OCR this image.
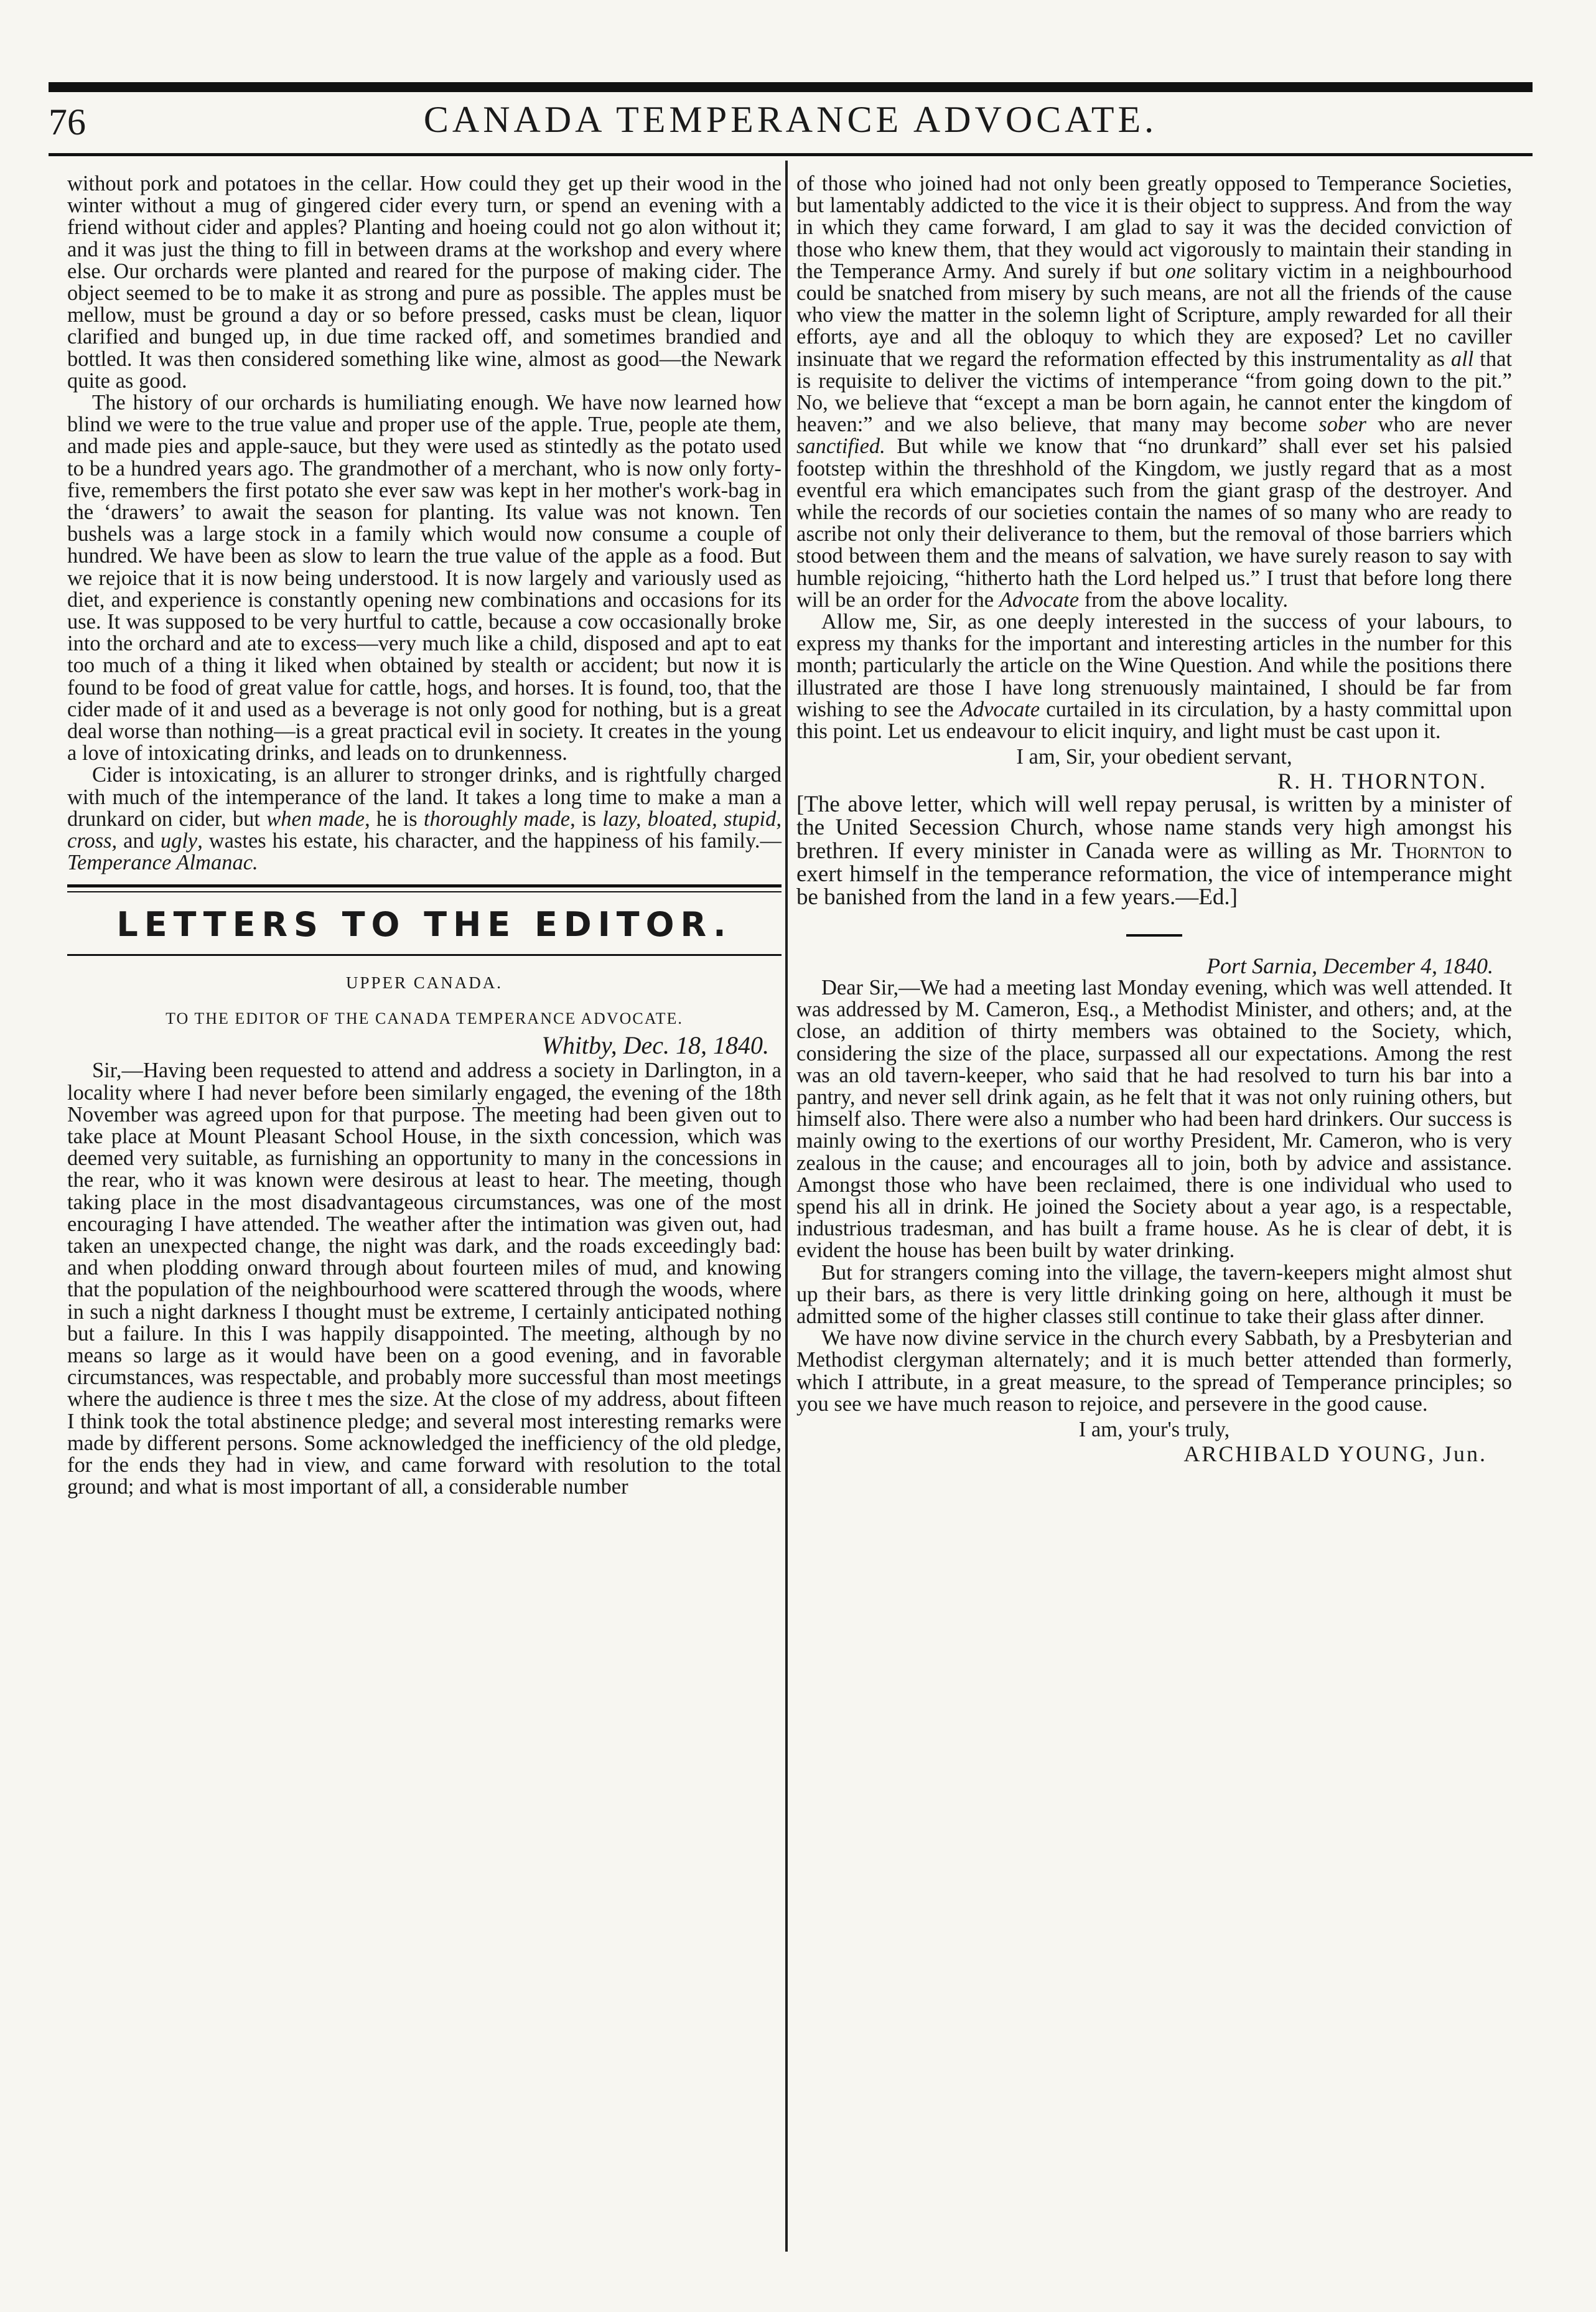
76	CANADA TEMPERANCE ADVOCATE.

without pork and potatoes in the cellar. How could they get up their wood in the winter without a mug of gingered cider every turn, or spend an evening with a friend without cider and apples? Planting and hoeing could not go alon without it; and it was just the thing to fill in between drams at the workshop and every where else. Our orchards were planted and reared for the purpose of making cider. The object seemed to be to make it as strong and pure as possible. The apples must be mellow, must be ground a day or so before pressed, casks must be clean, liquor clarified and bunged up, in due time racked off, and sometimes brandied and bottled. It was then considered something like wine, almost as good—the Newark quite as good.

The history of our orchards is humiliating enough. We have now learned how blind we were to the true value and proper use of the apple. True, people ate them, and made pies and apple-sauce, but they were used as stintedly as the potato used to be a hundred years ago. The grandmother of a merchant, who is now only forty-five, remembers the first potato she ever saw was kept in her mother's work-bag in the ‘drawers’ to await the season for planting. Its value was not known. Ten bushels was a large stock in a family which would now consume a couple of hundred. We have been as slow to learn the true value of the apple as a food. But we rejoice that it is now being understood. It is now largely and variously used as diet, and experience is constantly opening new combinations and occasions for its use. It was supposed to be very hurtful to cattle, because a cow occasionally broke into the orchard and ate to excess—very much like a child, disposed and apt to eat too much of a thing it liked when obtained by stealth or accident; but now it is found to be food of great value for cattle, hogs, and horses. It is found, too, that the cider made of it and used as a beverage is not only good for nothing, but is a great deal worse than nothing—is a great practical evil in society. It creates in the young a love of intoxicating drinks, and leads on to drunkenness.

Cider is intoxicating, is an allurer to stronger drinks, and is rightfully charged with much of the intemperance of the land. It takes a long time to make a man a drunkard on cider, but when made, he is thoroughly made, is lazy, bloated, stupid, cross, and ugly, wastes his estate, his character, and the happiness of his family.—Temperance Almanac.

LETTERS TO THE EDITOR.
UPPER CANADA.
TO THE EDITOR OF THE CANADA TEMPERANCE ADVOCATE.
Whitby, Dec. 18, 1840.

Sir,—Having been requested to attend and address a society in Darlington, in a locality where I had never before been similarly engaged, the evening of the 18th November was agreed upon for that purpose. The meeting had been given out to take place at Mount Pleasant School House, in the sixth concession, which was deemed very suitable, as furnishing an opportunity to many in the concessions in the rear, who it was known were desirous at least to hear. The meeting, though taking place in the most disadvantageous circumstances, was one of the most encouraging I have attended. The weather after the intimation was given out, had taken an unexpected change, the night was dark, and the roads exceedingly bad: and when plodding onward through about fourteen miles of mud, and knowing that the population of the neighbourhood were scattered through the woods, where in such a night darkness I thought must be extreme, I certainly anticipated nothing but a failure. In this I was happily disappointed. The meeting, although by no means so large as it would have been on a good evening, and in favorable circumstances, was respectable, and probably more successful than most meetings where the audience is three t mes the size. At the close of my address, about fifteen I think took the total abstinence pledge; and several most interesting remarks were made by different persons. Some acknowledged the inefficiency of the old pledge, for the ends they had in view, and came forward with resolution to the total ground; and what is most important of all, a considerable number

of those who joined had not only been greatly opposed to Temperance Societies, but lamentably addicted to the vice it is their object to suppress. And from the way in which they came forward, I am glad to say it was the decided conviction of those who knew them, that they would act vigorously to maintain their standing in the Temperance Army. And surely if but one solitary victim in a neighbourhood could be snatched from misery by such means, are not all the friends of the cause who view the matter in the solemn light of Scripture, amply rewarded for all their efforts, aye and all the obloquy to which they are exposed? Let no caviller insinuate that we regard the reformation effected by this instrumentality as all that is requisite to deliver the victims of intemperance “from going down to the pit.” No, we believe that “except a man be born again, he cannot enter the kingdom of heaven:” and we also believe, that many may become sober who are never sanctified. But while we know that “no drunkard” shall ever set his palsied footstep within the threshhold of the Kingdom, we justly regard that as a most eventful era which emancipates such from the giant grasp of the destroyer. And while the records of our societies contain the names of so many who are ready to ascribe not only their deliverance to them, but the removal of those barriers which stood between them and the means of salvation, we have surely reason to say with humble rejoicing, “hitherto hath the Lord helped us.” I trust that before long there will be an order for the Advocate from the above locality.

Allow me, Sir, as one deeply interested in the success of your labours, to express my thanks for the important and interesting articles in the number for this month; particularly the article on the Wine Question. And while the positions there illustrated are those I have long strenuously maintained, I should be far from wishing to see the Advocate curtailed in its circulation, by a hasty committal upon this point. Let us endeavour to elicit inquiry, and light must be cast upon it.

I am, Sir, your obedient servant,
R. H. THORNTON.

[The above letter, which will well repay perusal, is written by a minister of the United Secession Church, whose name stands very high amongst his brethren. If every minister in Canada were as willing as Mr. Thornton to exert himself in the temperance reformation, the vice of intemperance might be banished from the land in a few years.—Ed.]

Port Sarnia, December 4, 1840.

Dear Sir,—We had a meeting last Monday evening, which was well attended. It was addressed by M. Cameron, Esq., a Methodist Minister, and others; and, at the close, an addition of thirty members was obtained to the Society, which, considering the size of the place, surpassed all our expectations. Among the rest was an old tavern-keeper, who said that he had resolved to turn his bar into a pantry, and never sell drink again, as he felt that it was not only ruining others, but himself also. There were also a number who had been hard drinkers. Our success is mainly owing to the exertions of our worthy President, Mr. Cameron, who is very zealous in the cause; and encourages all to join, both by advice and assistance. Amongst those who have been reclaimed, there is one individual who used to spend his all in drink. He joined the Society about a year ago, is a respectable, industrious tradesman, and has built a frame house. As he is clear of debt, it is evident the house has been built by water drinking.

But for strangers coming into the village, the tavern-keepers might almost shut up their bars, as there is very little drinking going on here, although it must be admitted some of the higher classes still continue to take their glass after dinner.

We have now divine service in the church every Sabbath, by a Presbyterian and Methodist clergyman alternately; and it is much better attended than formerly, which I attribute, in a great measure, to the spread of Temperance principles; so you see we have much reason to rejoice, and persevere in the good cause.

I am, your's truly,
ARCHIBALD YOUNG, Jun.
